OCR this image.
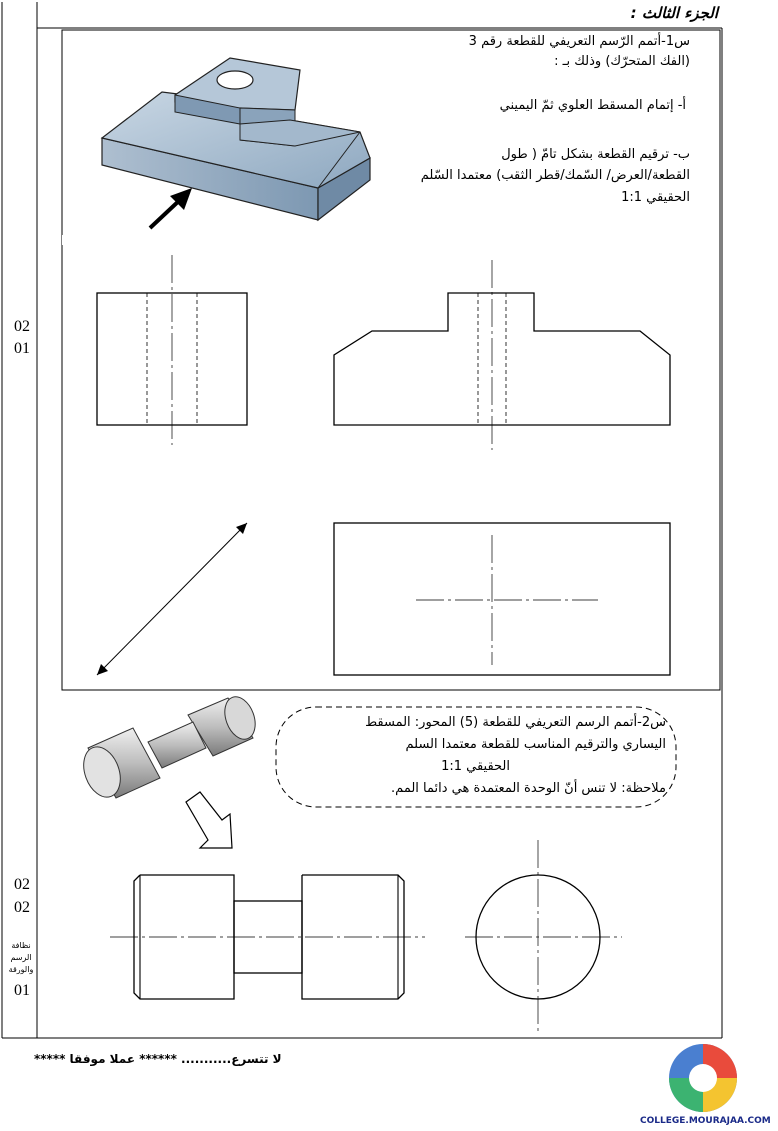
الجزء الثالث :
س1-أتمم الرّسم التعريفي للقطعة رقم 3
(الفك المتحرّك) وذلك بـ :
أ- إتمام المسقط العلوي ثمّ اليميني
ب- ترقيم القطعة بشكل تامّ ( طول
القطعة/العرض/ السّمك/قطر الثقب) معتمدا السّلم
الحقيقي 1:1
02
01
02
02
نظافة
الرسم
والورقة
01
س2-أتمم الرسم التعريفي للقطعة (5) المحور: المسقط
اليساري والترقيم المناسب للقطعة معتمدا السلم
الحقيقي 1:1
ملاحظة: لا تنس أنّ الوحدة المعتمدة هي دائما المم.
لا تتسرع........... ****** عملا موفقا *****
COLLEGE.MOURAJAA.COM
